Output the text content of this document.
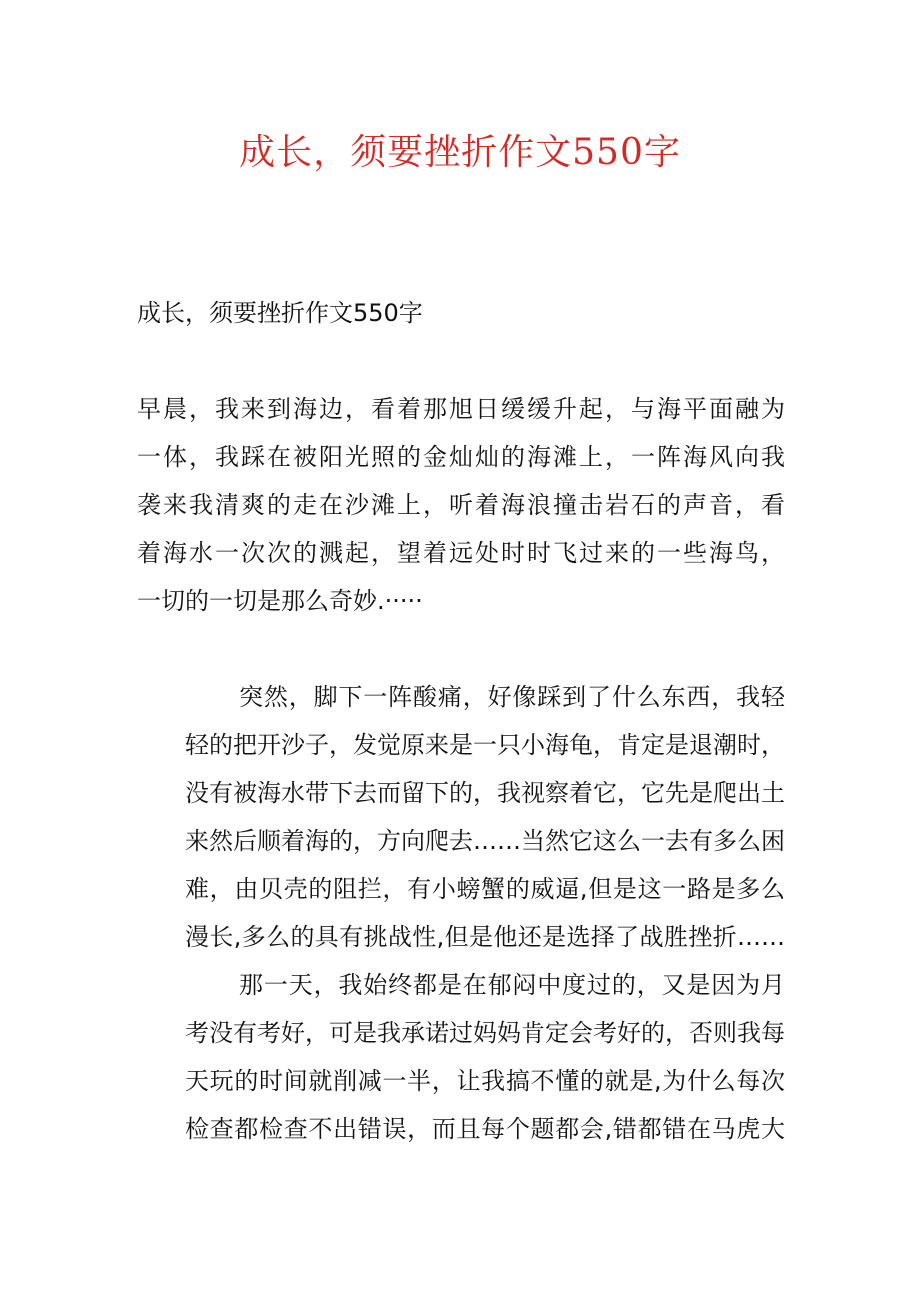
成长，须要挫折作文550字
成长，须要挫折作文550字
早晨，我来到海边，看着那旭日缓缓升起，与海平面融为
一体，我踩在被阳光照的金灿灿的海滩上，一阵海风向我
袭来我清爽的走在沙滩上，听着海浪撞击岩石的声音，看
着海水一次次的溅起，望着远处时时飞过来的一些海鸟，
一切的一切是那么奇妙.·····
突然，脚下一阵酸痛，好像踩到了什么东西，我轻
轻的把开沙子，发觉原来是一只小海龟，肯定是退潮时，
没有被海水带下去而留下的，我视察着它，它先是爬出土
来然后顺着海的，方向爬去……当然它这么一去有多么困
难，由贝壳的阻拦，有小螃蟹的威逼,但是这一路是多么
漫长,多么的具有挑战性,但是他还是选择了战胜挫折……
那一天，我始终都是在郁闷中度过的，又是因为月
考没有考好，可是我承诺过妈妈肯定会考好的，否则我每
天玩的时间就削减一半，让我搞不懂的就是,为什么每次
检查都检查不出错误，而且每个题都会,错都错在马虎大
